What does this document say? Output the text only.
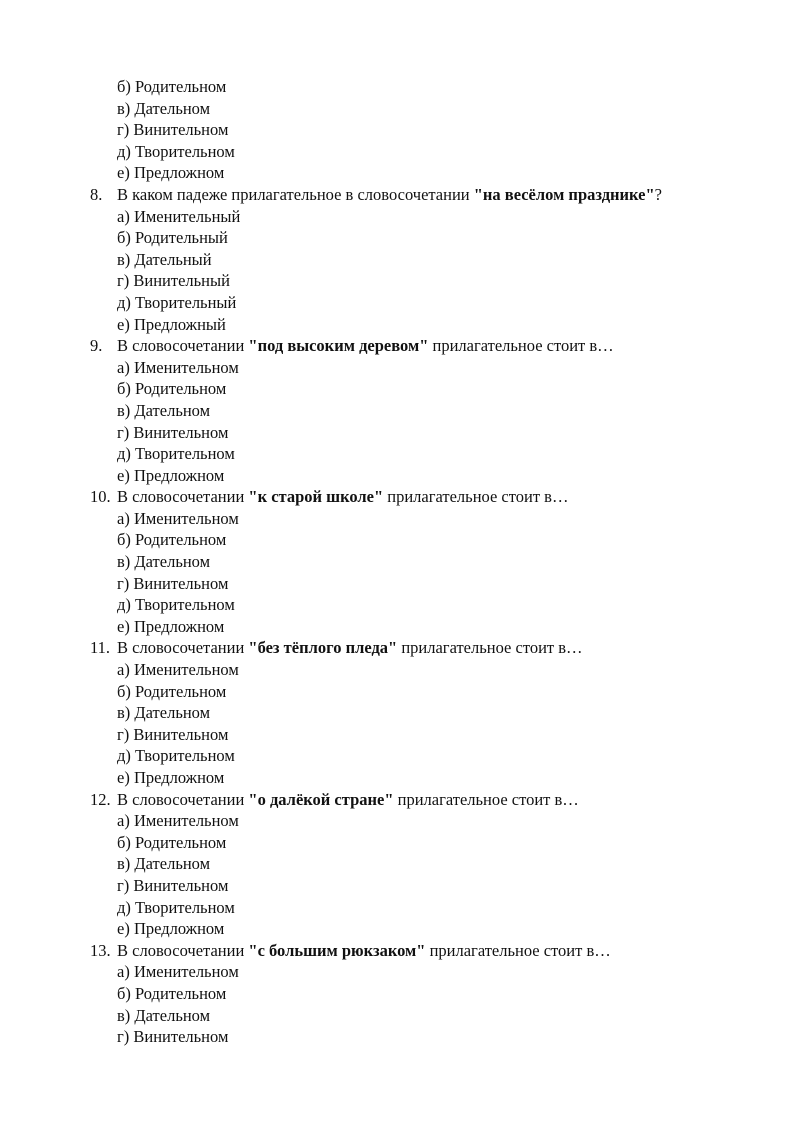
б) Родительном
в) Дательном
г) Винительном
д) Творительном
е) Предложном
8. В каком падеже прилагательное в словосочетании "на весёлом празднике"?
а) Именительный
б) Родительный
в) Дательный
г) Винительный
д) Творительный
е) Предложный
9. В словосочетании "под высоким деревом" прилагательное стоит в…
а) Именительном
б) Родительном
в) Дательном
г) Винительном
д) Творительном
е) Предложном
10. В словосочетании "к старой школе" прилагательное стоит в…
а) Именительном
б) Родительном
в) Дательном
г) Винительном
д) Творительном
е) Предложном
11. В словосочетании "без тёплого пледа" прилагательное стоит в…
а) Именительном
б) Родительном
в) Дательном
г) Винительном
д) Творительном
е) Предложном
12. В словосочетании "о далёкой стране" прилагательное стоит в…
а) Именительном
б) Родительном
в) Дательном
г) Винительном
д) Творительном
е) Предложном
13. В словосочетании "с большим рюкзаком" прилагательное стоит в…
а) Именительном
б) Родительном
в) Дательном
г) Винительном
